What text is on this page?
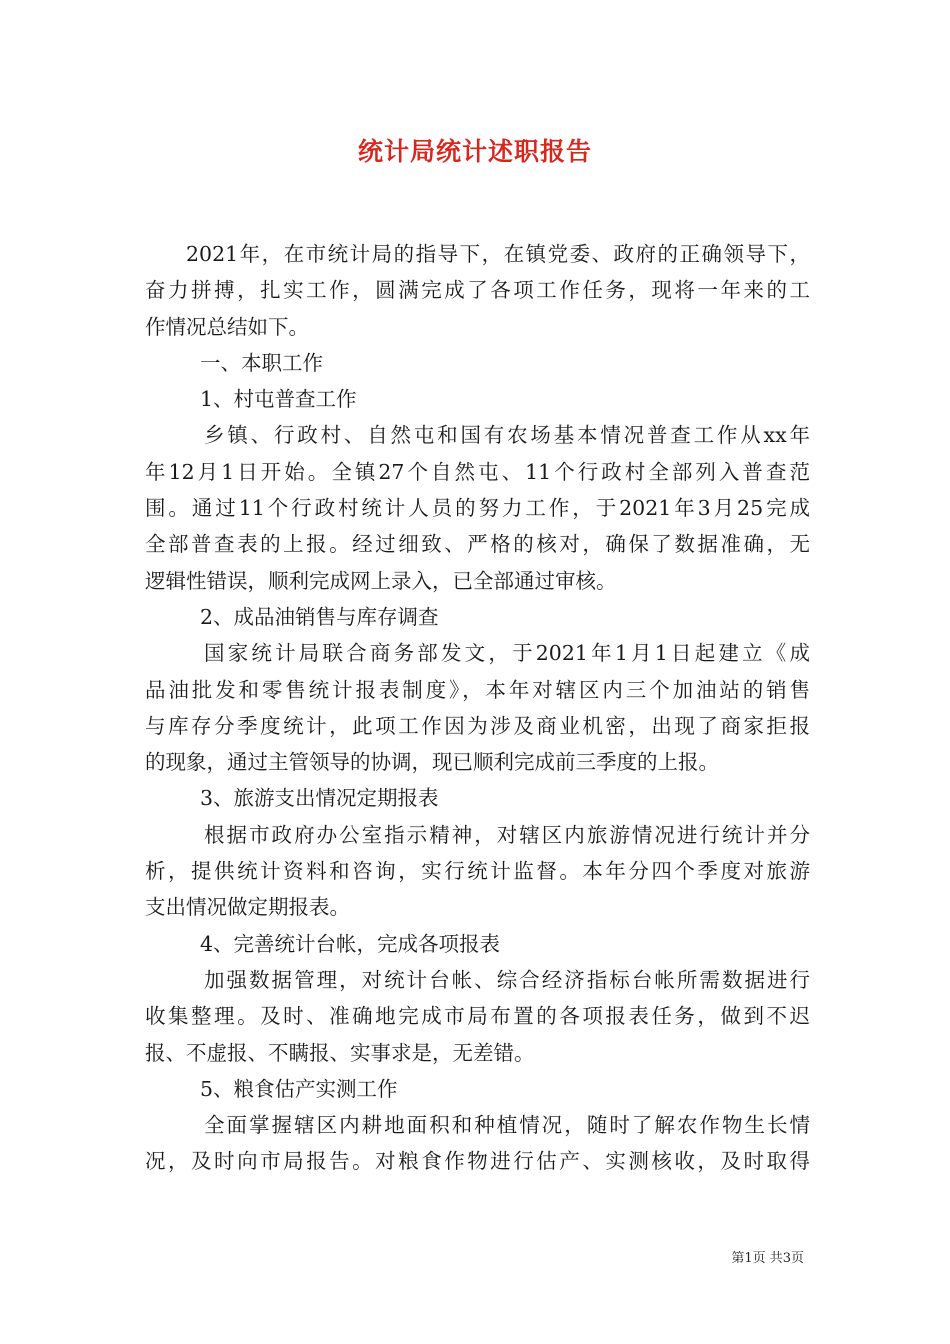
统计局统计述职报告
2021年，在市统计局的指导下，在镇党委、政府的正确领导下，
奋力拼搏，扎实工作，圆满完成了各项工作任务，现将一年来的工
作情况总结如下。
一、本职工作
1、村屯普查工作
乡镇、行政村、自然屯和国有农场基本情况普查工作从xx年
年12月1日开始。全镇27个自然屯、11个行政村全部列入普查范
围。通过11个行政村统计人员的努力工作，于2021年3月25完成
全部普查表的上报。经过细致、严格的核对，确保了数据准确，无
逻辑性错误，顺利完成网上录入，已全部通过审核。
2、成品油销售与库存调查
国家统计局联合商务部发文，于2021年1月1日起建立《成
品油批发和零售统计报表制度》，本年对辖区内三个加油站的销售
与库存分季度统计，此项工作因为涉及商业机密，出现了商家拒报
的现象，通过主管领导的协调，现已顺利完成前三季度的上报。
3、旅游支出情况定期报表
根据市政府办公室指示精神，对辖区内旅游情况进行统计并分
析，提供统计资料和咨询，实行统计监督。本年分四个季度对旅游
支出情况做定期报表。
4、完善统计台帐，完成各项报表
加强数据管理，对统计台帐、综合经济指标台帐所需数据进行
收集整理。及时、准确地完成市局布置的各项报表任务，做到不迟
报、不虚报、不瞒报、实事求是，无差错。
5、粮食估产实测工作
全面掌握辖区内耕地面积和种植情况，随时了解农作物生长情
况，及时向市局报告。对粮食作物进行估产、实测核收，及时取得
第1页 共3页
